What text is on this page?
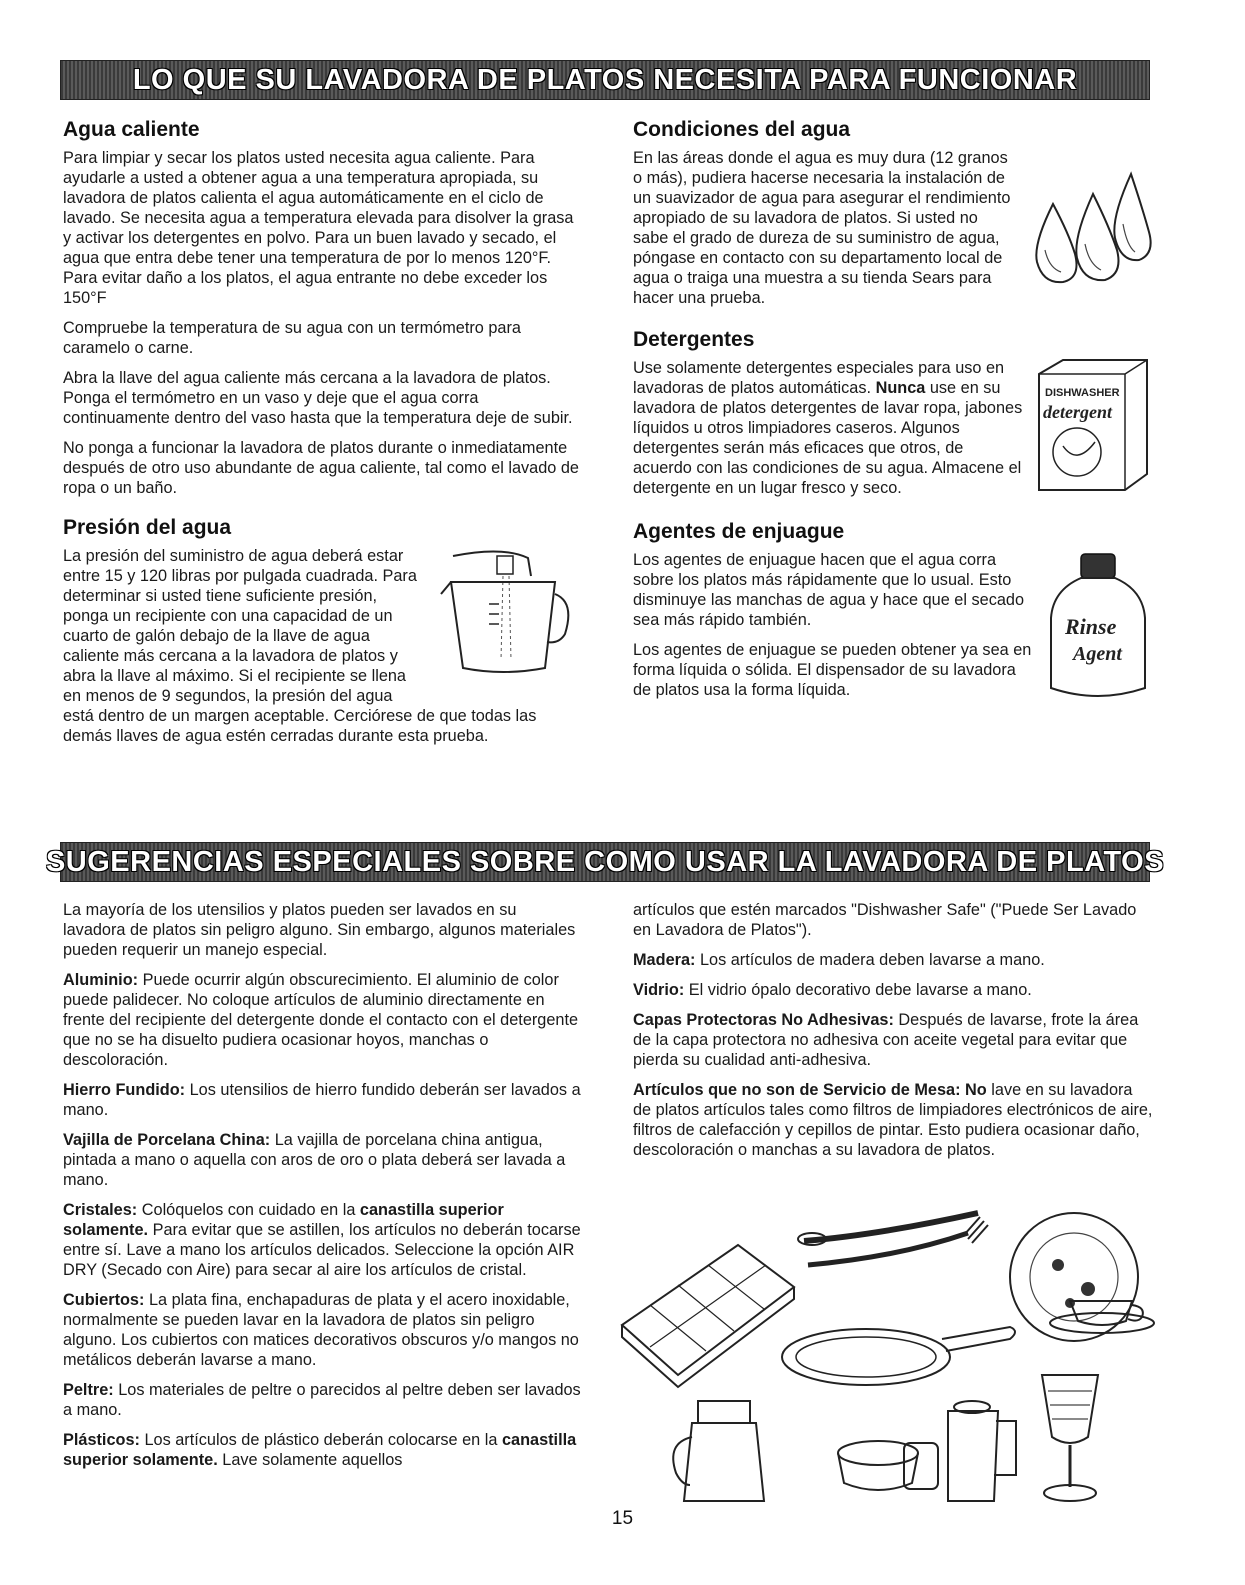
LO QUE SU LAVADORA DE PLATOS NECESITA PARA FUNCIONAR
Agua caliente

Para limpiar y secar los platos usted necesita agua caliente. Para ayudarle a usted a obtener agua a una temperatura apropiada, su lavadora de platos calienta el agua automáticamente en el ciclo de lavado. Se necesita agua a temperatura elevada para disolver la grasa y activar los detergentes en polvo. Para un buen lavado y secado, el agua que entra debe tener una temperatura de por lo menos 120°F. Para evitar daño a los platos, el agua entrante no debe exceder los 150°F

Compruebe la temperatura de su agua con un termómetro para caramelo o carne.

Abra la llave del agua caliente más cercana a la lavadora de platos. Ponga el termómetro en un vaso y deje que el agua corra continuamente dentro del vaso hasta que la temperatura deje de subir.

No ponga a funcionar la lavadora de platos durante o inmediatamente después de otro uso abundante de agua caliente, tal como el lavado de ropa o un baño.

Presión del agua

La presión del suministro de agua deberá estar entre 15 y 120 libras por pulgada cuadrada. Para determinar si usted tiene suficiente presión, ponga un recipiente con una capacidad de un cuarto de galón debajo de la llave de agua caliente más cercana a la lavadora de platos y abra la llave al máximo. Si el recipiente se llena en menos de 9 segundos, la presión del agua está dentro de un margen aceptable. Cerciórese de que todas las demás llaves de agua estén cerradas durante esta prueba.

Condiciones del agua

En las áreas donde el agua es muy dura (12 granos o más), pudiera hacerse necesaria la instalación de un suavizador de agua para asegurar el rendimiento apropiado de su lavadora de platos. Si usted no sabe el grado de dureza de su suministro de agua, póngase en contacto con su departamento local de agua o traiga una muestra a su tienda Sears para hacer una prueba.

Detergentes
DISHWASHER
detergent

Use solamente detergentes especiales para uso en lavadoras de platos automáticas. Nunca use en su lavadora de platos detergentes de lavar ropa, jabones líquidos u otros limpiadores caseros. Algunos detergentes serán más eficaces que otros, de acuerdo con las condiciones de su agua. Almacene el detergente en un lugar fresco y seco.

Agentes de enjuague
Rinse
Agent

Los agentes de enjuague hacen que el agua corra sobre los platos más rápidamente que lo usual. Esto disminuye las manchas de agua y hace que el secado sea más rápido también.

Los agentes de enjuague se pueden obtener ya sea en forma líquida o sólida. El dispensador de su lavadora de platos usa la forma líquida.

SUGERENCIAS ESPECIALES SOBRE COMO USAR LA LAVADORA DE PLATOS

La mayoría de los utensilios y platos pueden ser lavados en su lavadora de platos sin peligro alguno. Sin embargo, algunos materiales pueden requerir un manejo especial.

Aluminio: Puede ocurrir algún obscurecimiento. El aluminio de color puede palidecer. No coloque artículos de aluminio directamente en frente del recipiente del detergente donde el contacto con el detergente que no se ha disuelto pudiera ocasionar hoyos, manchas o descoloración.

Hierro Fundido: Los utensilios de hierro fundido deberán ser lavados a mano.

Vajilla de Porcelana China: La vajilla de porcelana china antigua, pintada a mano o aquella con aros de oro o plata deberá ser lavada a mano.

Cristales: Colóquelos con cuidado en la canastilla superior solamente. Para evitar que se astillen, los artículos no deberán tocarse entre sí. Lave a mano los artículos delicados. Seleccione la opción AIR DRY (Secado con Aire) para secar al aire los artículos de cristal.

Cubiertos: La plata fina, enchapaduras de plata y el acero inoxidable, normalmente se pueden lavar en la lavadora de platos sin peligro alguno. Los cubiertos con matices decorativos obscuros y/o mangos no metálicos deberán lavarse a mano.

Peltre: Los materiales de peltre o parecidos al peltre deben ser lavados a mano.

Plásticos: Los artículos de plástico deberán colocarse en la canastilla superior solamente. Lave solamente aquellos

artículos que estén marcados "Dishwasher Safe" ("Puede Ser Lavado en Lavadora de Platos").

Madera: Los artículos de madera deben lavarse a mano.

Vidrio: El vidrio ópalo decorativo debe lavarse a mano.

Capas Protectoras No Adhesivas: Después de lavarse, frote la área de la capa protectora no adhesiva con aceite vegetal para evitar que pierda su cualidad anti-adhesiva.

Artículos que no son de Servicio de Mesa: No lave en su lavadora de platos artículos tales como filtros de limpiadores electrónicos de aire, filtros de calefacción y cepillos de pintar. Esto pudiera ocasionar daño, descoloración o manchas a su lavadora de platos.

15
